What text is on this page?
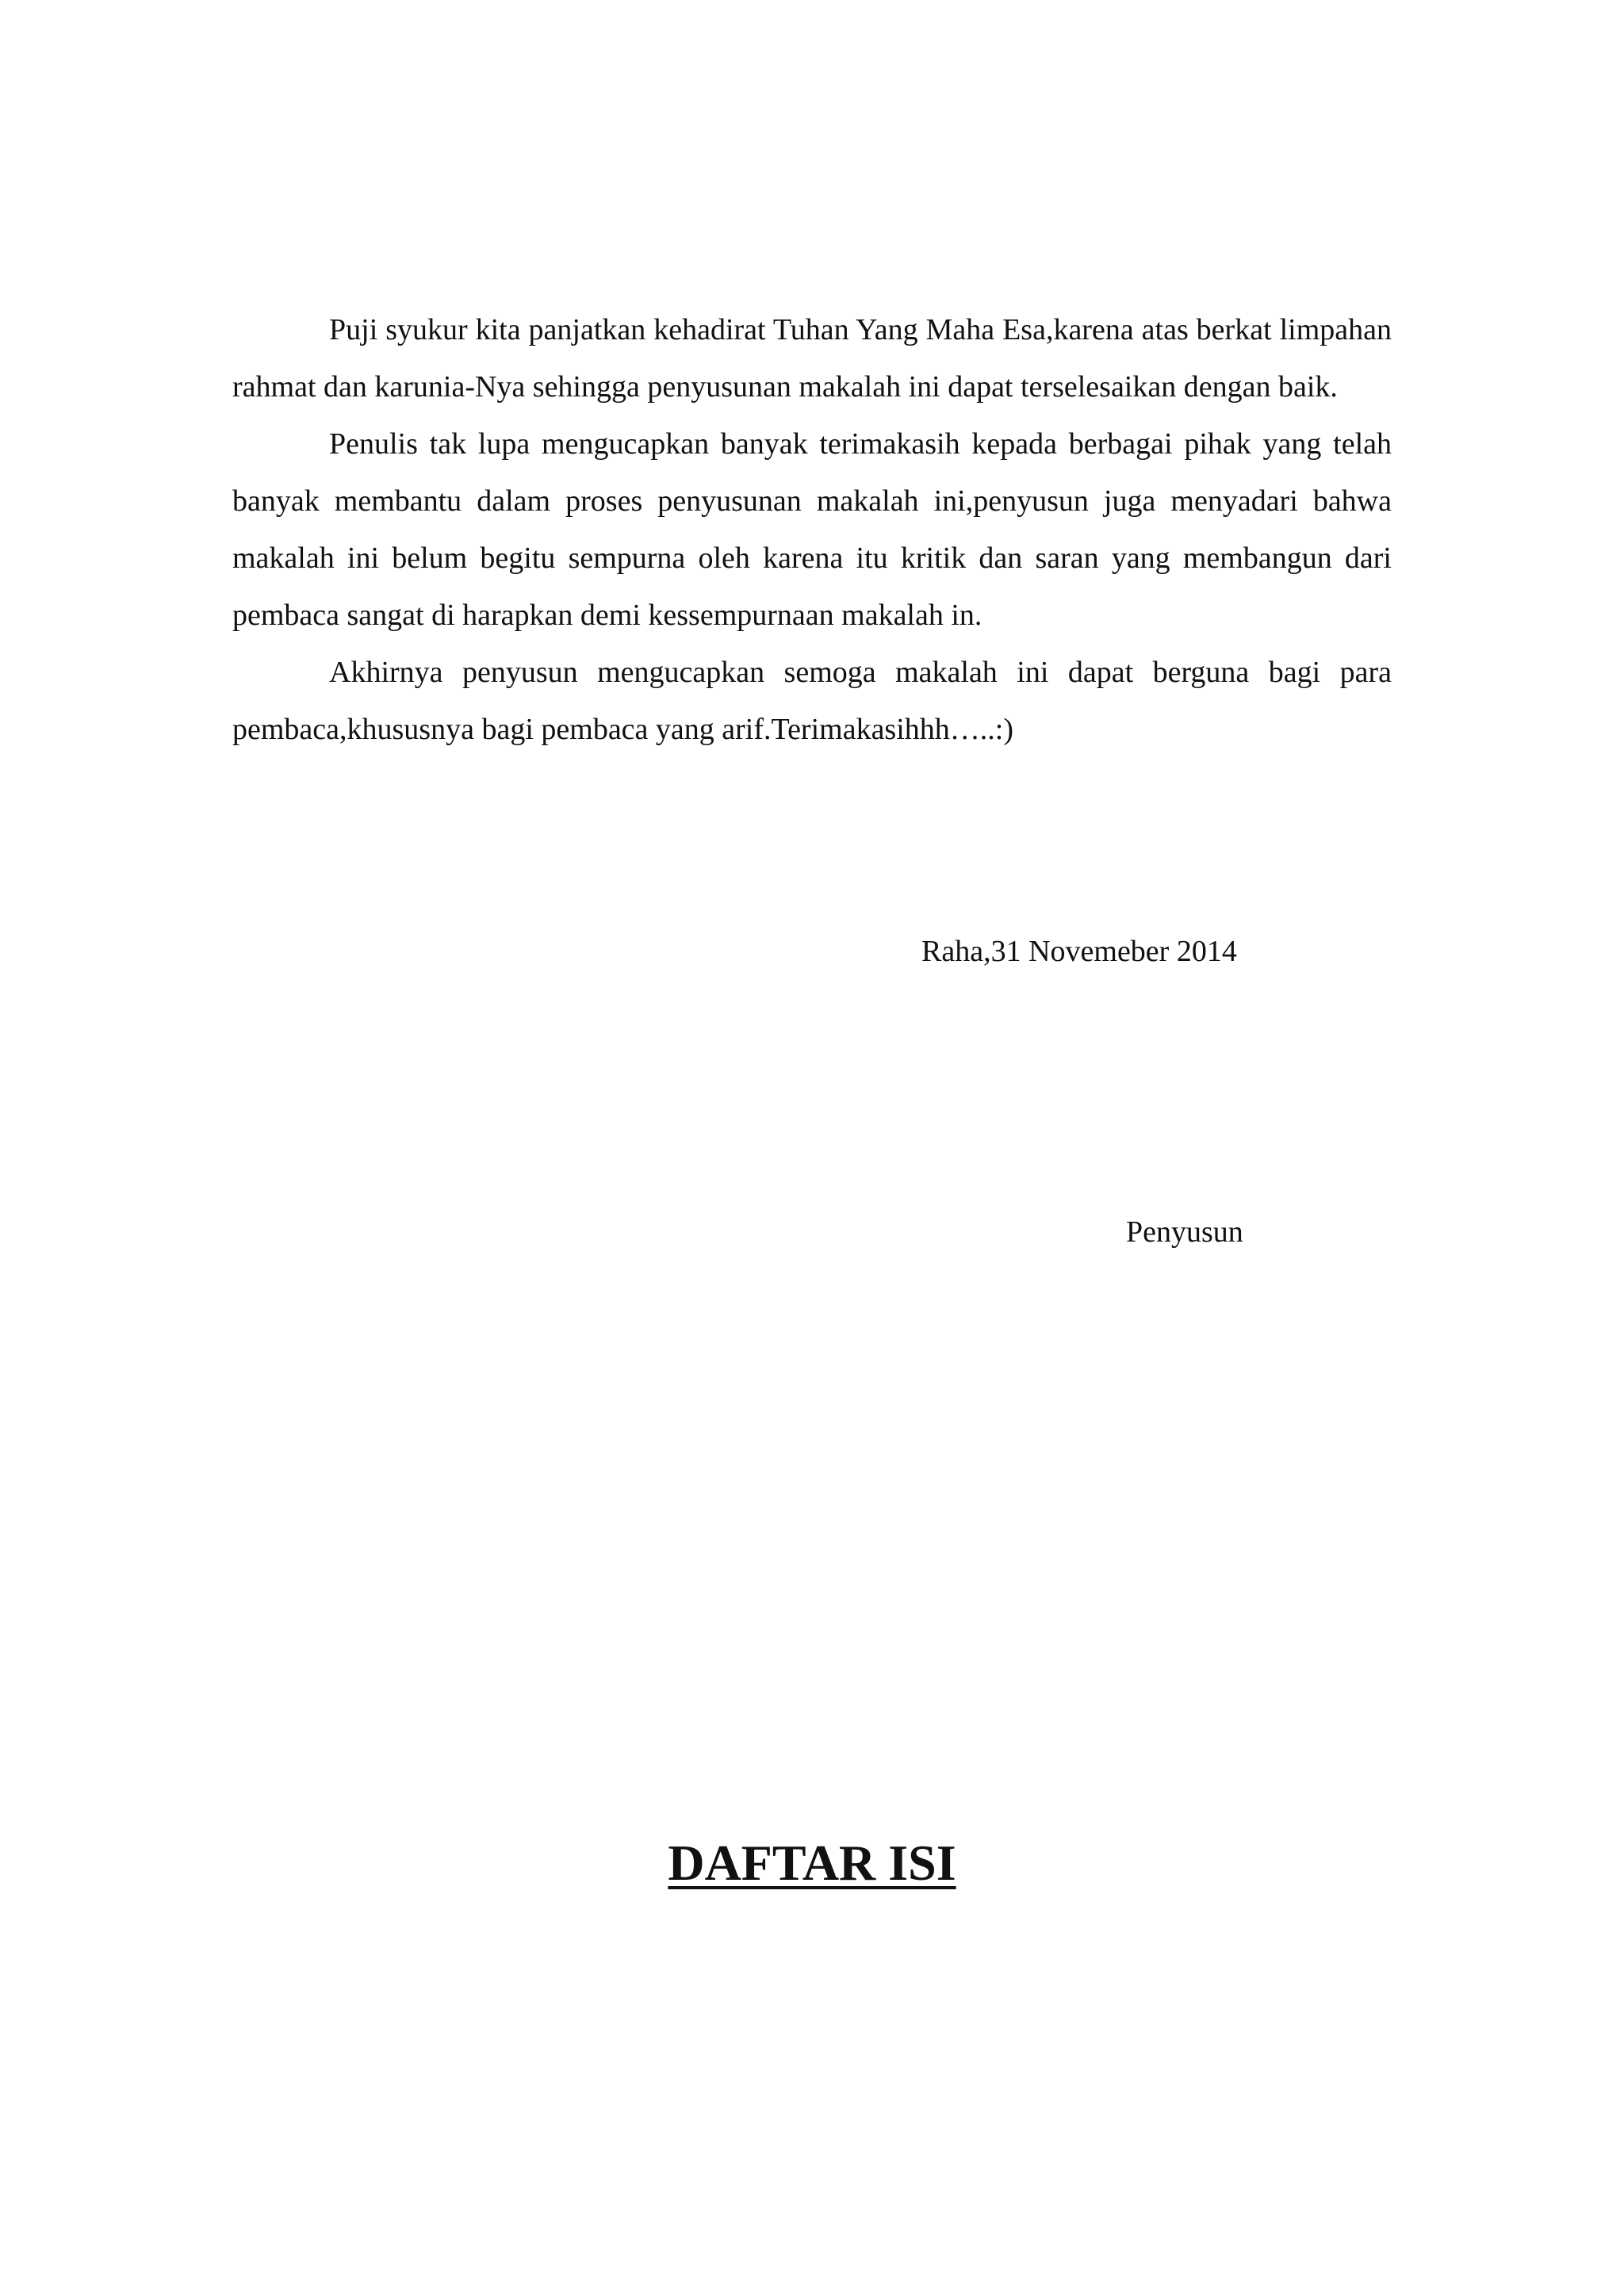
Puji syukur kita panjatkan kehadirat Tuhan Yang Maha Esa,karena atas berkat limpahan rahmat dan karunia-Nya sehingga penyusunan makalah ini dapat terselesaikan dengan baik.

Penulis tak lupa mengucapkan banyak terimakasih kepada berbagai pihak yang telah banyak membantu dalam proses penyusunan makalah ini,penyusun juga menyadari bahwa makalah ini belum begitu sempurna oleh karena itu kritik dan saran yang membangun dari pembaca sangat di harapkan demi kessempurnaan makalah in.

Akhirnya penyusun mengucapkan semoga makalah ini dapat berguna bagi para pembaca,khususnya bagi pembaca yang arif.Terimakasihhh…..:)

Raha,31 Novemeber 2014
Penyusun
DAFTAR ISI
